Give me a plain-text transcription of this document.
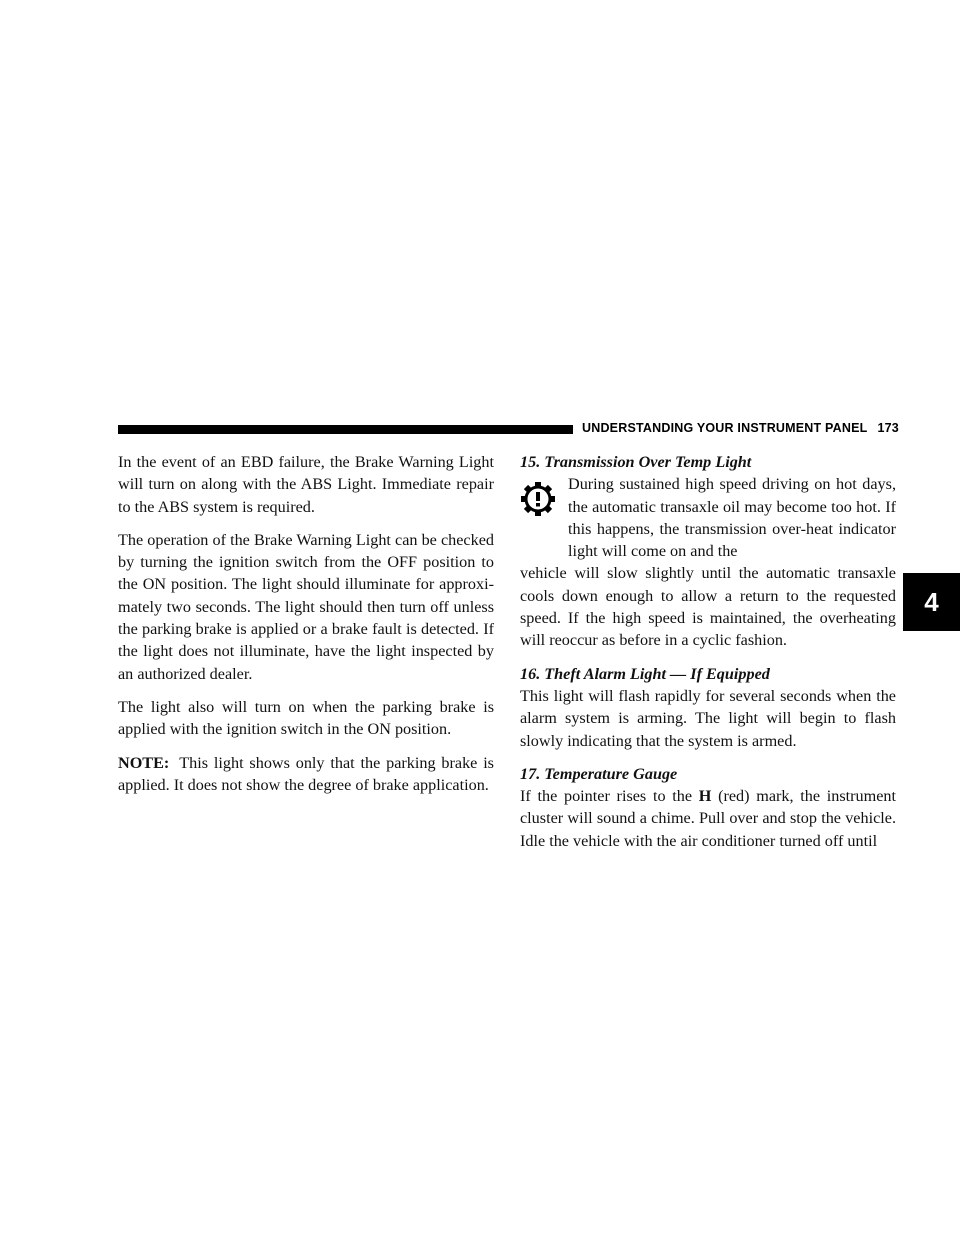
UNDERSTANDING YOUR INSTRUMENT PANEL 173
4

In the event of an EBD failure, the Brake Warning Light will turn on along with the ABS Light. Immediate repair to the ABS system is required.

The operation of the Brake Warning Light can be checked by turning the ignition switch from the OFF position to the ON position. The light should illuminate for approxi-mately two seconds. The light should then turn off unless the parking brake is applied or a brake fault is detected. If the light does not illuminate, have the light inspected by an authorized dealer.

The light also will turn on when the parking brake is applied with the ignition switch in the ON position.

NOTE: This light shows only that the parking brake is applied. It does not show the degree of brake application.

15. Transmission Over Temp Light

During sustained high speed driving on hot days, the automatic transaxle oil may become too hot. If this happens, the transmission over-heat indicator light will come on and the

vehicle will slow slightly until the automatic transaxle cools down enough to allow a return to the requested speed. If the high speed is maintained, the overheating will reoccur as before in a cyclic fashion.

16. Theft Alarm Light — If Equipped

This light will flash rapidly for several seconds when the alarm system is arming. The light will begin to flash slowly indicating that the system is armed.

17. Temperature Gauge

If the pointer rises to the H (red) mark, the instrument cluster will sound a chime. Pull over and stop the vehicle. Idle the vehicle with the air conditioner turned off until
